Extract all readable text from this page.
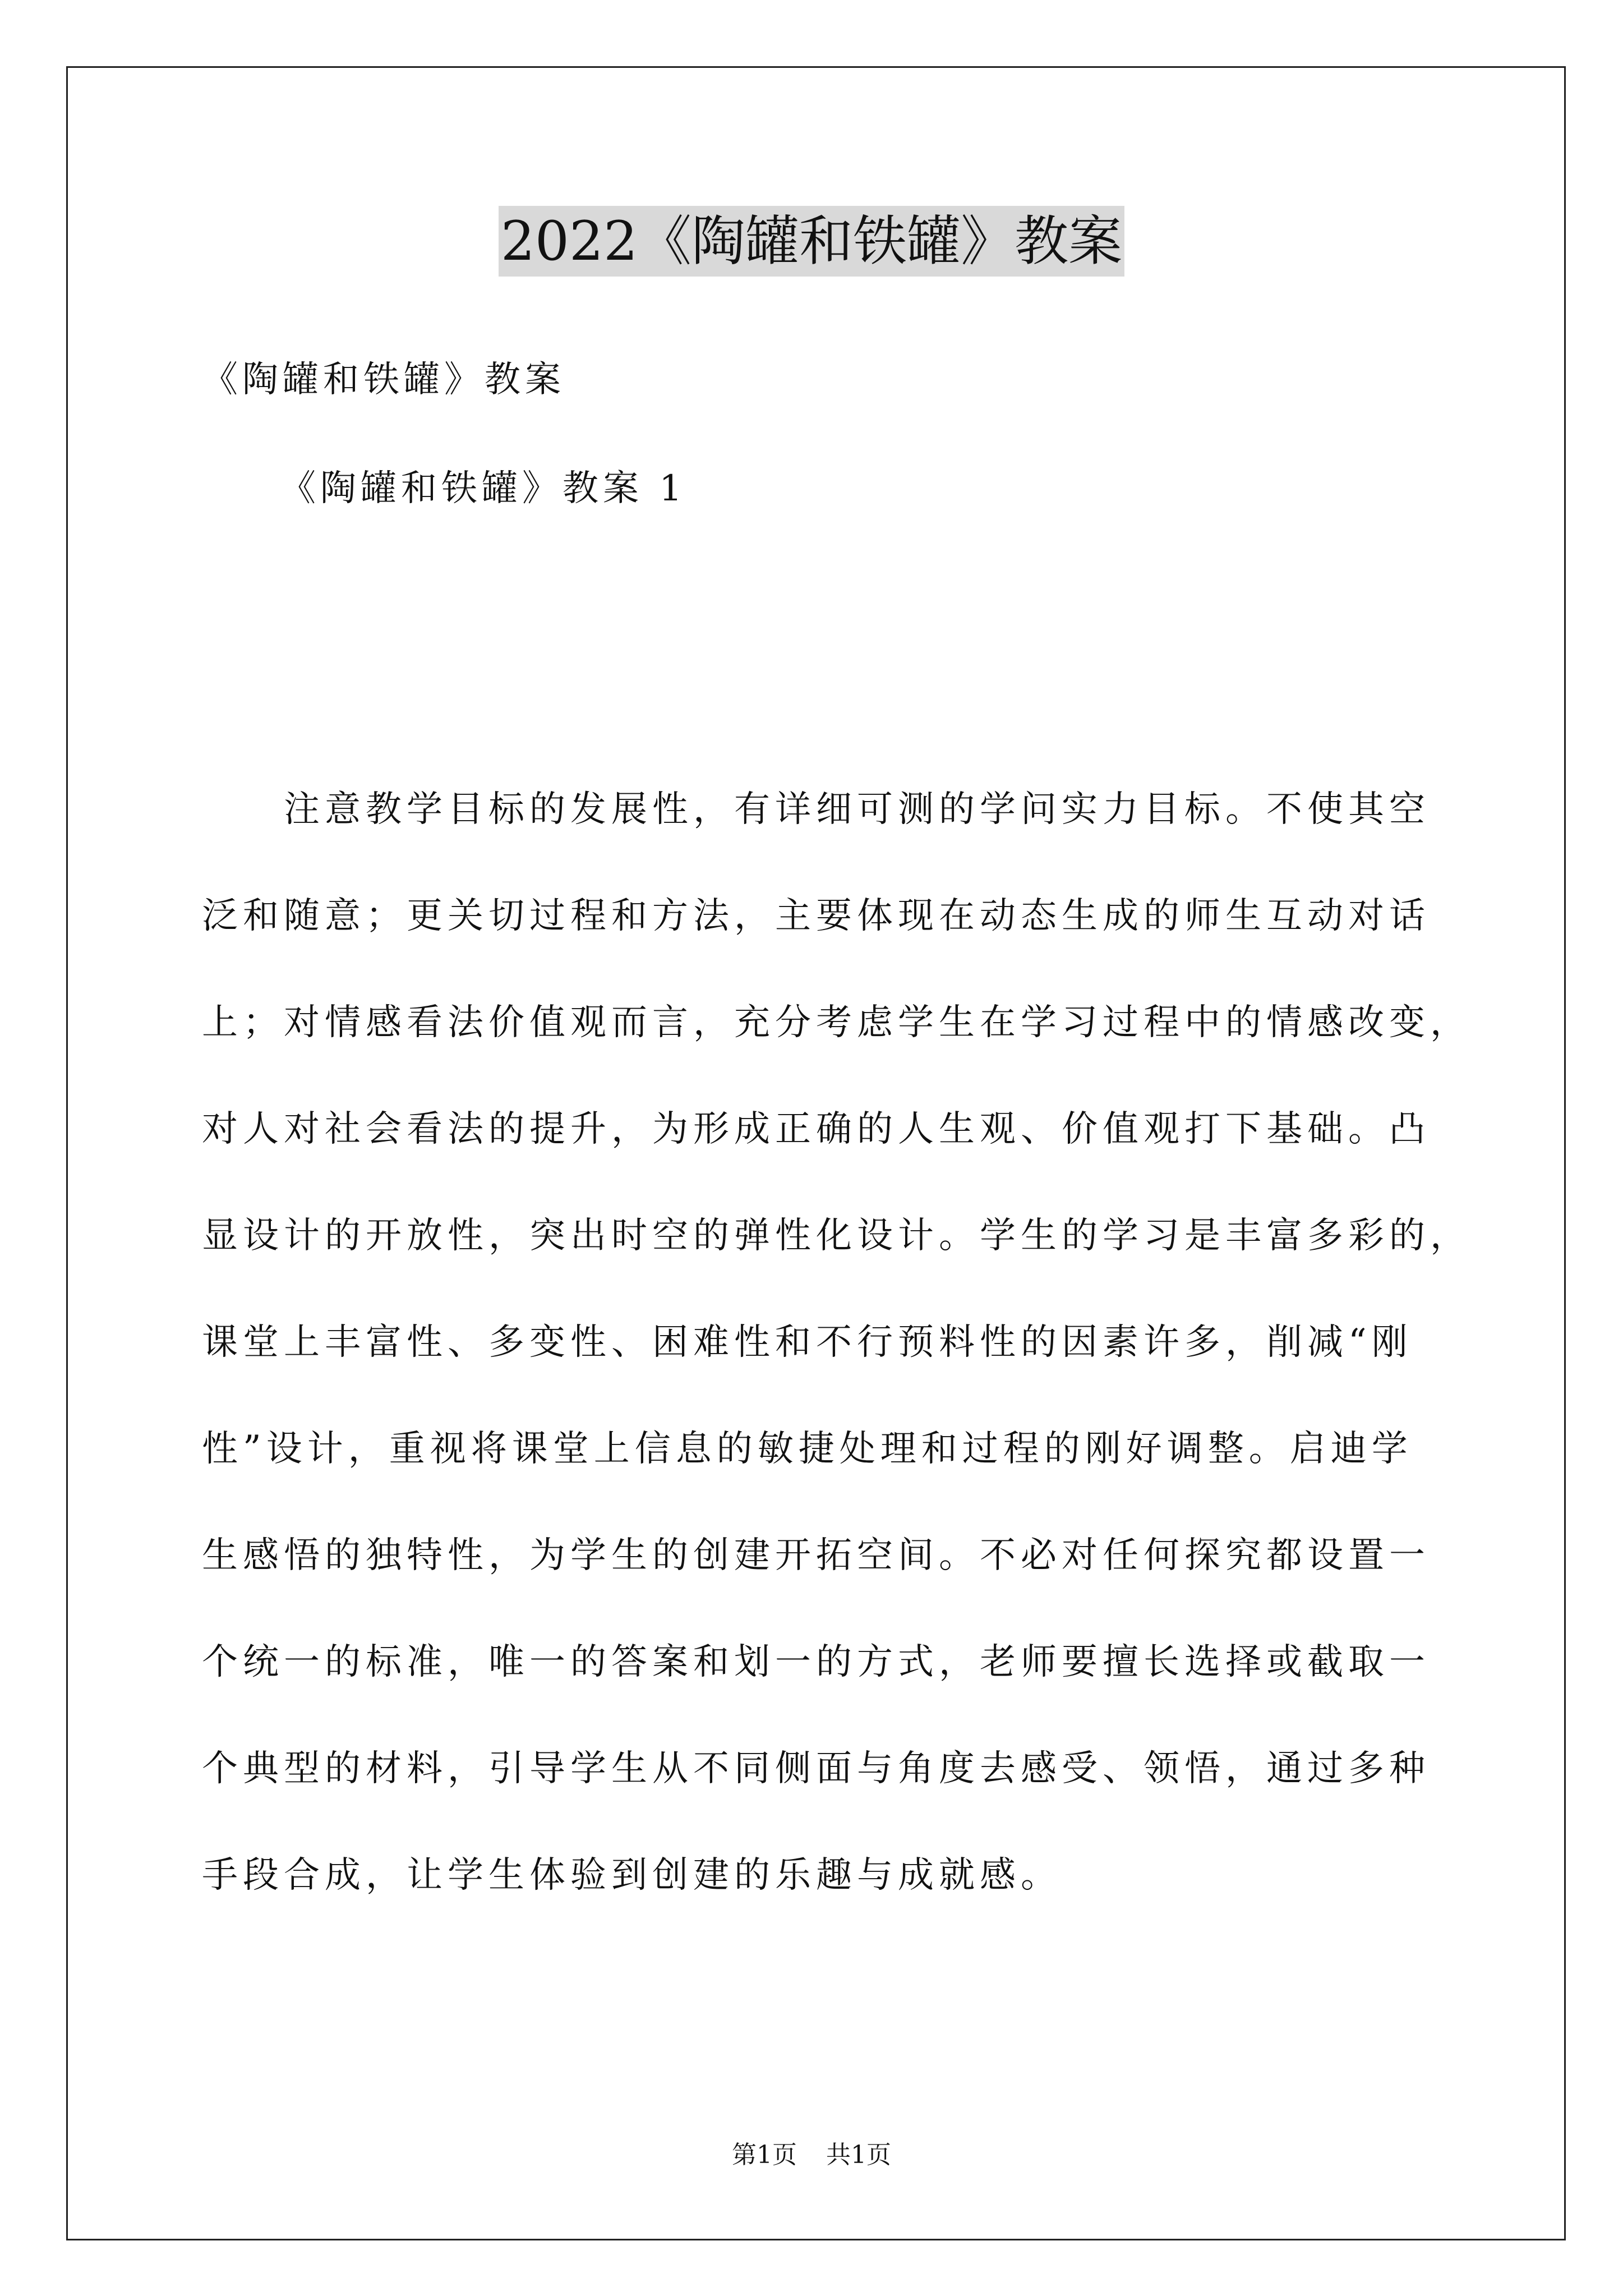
2022《陶罐和铁罐》教案
《陶罐和铁罐》教案
《陶罐和铁罐》教案 1
注意教学目标的发展性，有详细可测的学问实力目标。不使其空
泛和随意；更关切过程和方法，主要体现在动态生成的师生互动对话
上；对情感看法价值观而言，充分考虑学生在学习过程中的情感改变，
对人对社会看法的提升，为形成正确的人生观、价值观打下基础。凸
显设计的开放性，突出时空的弹性化设计。学生的学习是丰富多彩的，
课堂上丰富性、多变性、困难性和不行预料性的因素许多，削减“刚
性”设计，重视将课堂上信息的敏捷处理和过程的刚好调整。启迪学
生感悟的独特性，为学生的创建开拓空间。不必对任何探究都设置一
个统一的标准，唯一的答案和划一的方式，老师要擅长选择或截取一
个典型的材料，引导学生从不同侧面与角度去感受、领悟，通过多种
手段合成，让学生体验到创建的乐趣与成就感。
第1页 共1页
